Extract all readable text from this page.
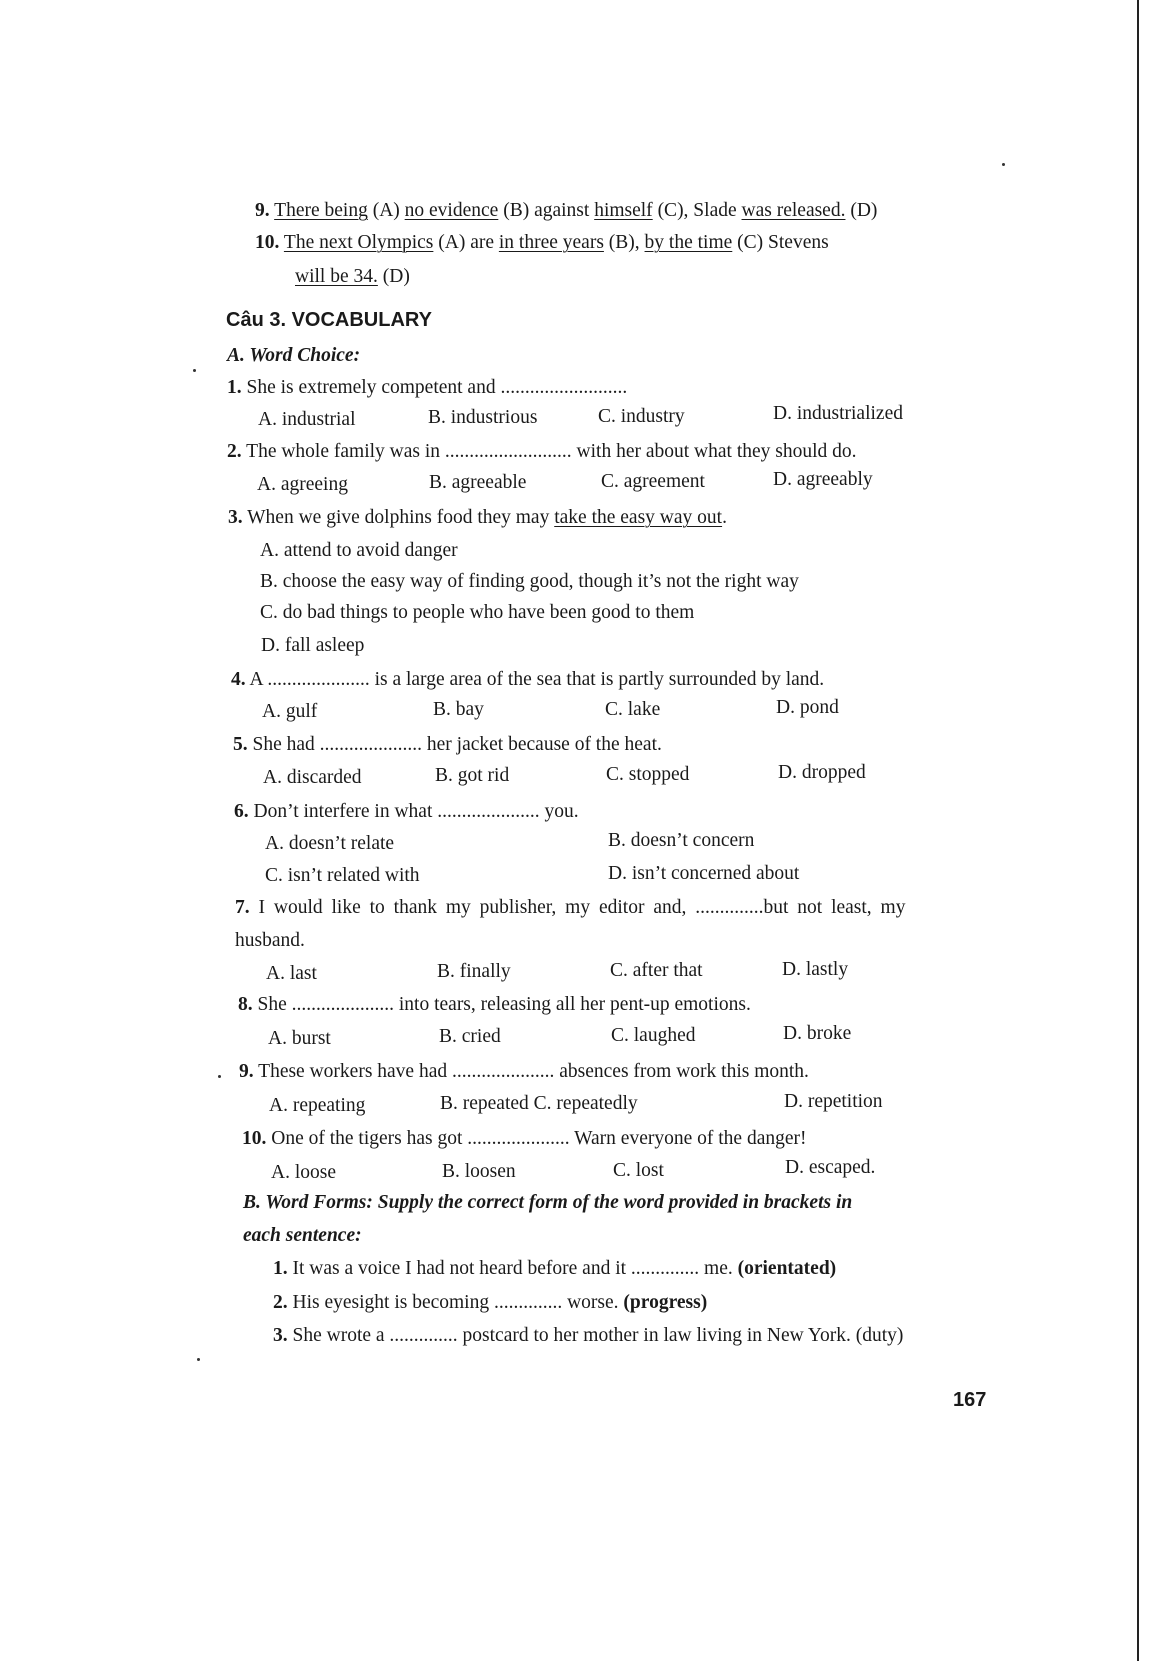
9. There being (A) no evidence (B) against himself (C), Slade was released. (D)
10. The next Olympics (A) are in three years (B), by the time (C) Stevens
will be 34. (D)
Câu 3. VOCABULARY
A. Word Choice:
1. She is extremely competent and ..........................
A. industrial	B. industrious	C. industry	D. industrialized
2. The whole family was in .......................... with her about what they should do.
A. agreeing	B. agreeable	C. agreement	D. agreeably
3. When we give dolphins food they may take the easy way out.
A. attend to avoid danger
B. choose the easy way of finding good, though it’s not the right way
C. do bad things to people who have been good to them
D. fall asleep
4. A ..................... is a large area of the sea that is partly surrounded by land.
A. gulf	B. bay	C. lake	D. pond
5. She had ..................... her jacket because of the heat.
A. discarded	B. got rid	C. stopped	D. dropped
6. Don’t interfere in what ..................... you.
A. doesn’t relate	B. doesn’t concern
C. isn’t related with	D. isn’t concerned about
7. I would like to thank my publisher, my editor and, ..............but not least, my
husband.
A. last	B. finally	C. after that	D. lastly
8. She ..................... into tears, releasing all her pent-up emotions.
A. burst	B. cried	C. laughed	D. broke
9. These workers have had ..................... absences from work this month.
A. repeating	B. repeated C. repeatedly	D. repetition
10. One of the tigers has got ..................... Warn everyone of the danger!
A. loose	B. loosen	C. lost	D. escaped.
B. Word Forms: Supply the correct form of the word provided in brackets in
each sentence:
1. It was a voice I had not heard before and it .............. me. (orientated)
2. His eyesight is becoming .............. worse. (progress)
3. She wrote a .............. postcard to her mother in law living in New York. (duty)
167
